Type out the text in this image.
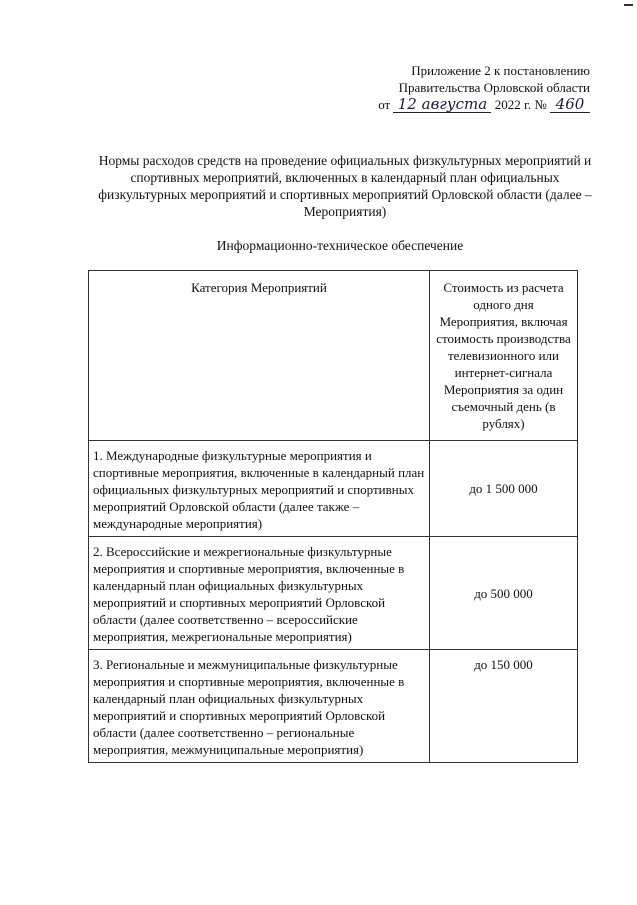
Приложение 2 к постановлению
Правительства Орловской области
от 12 августа 2022 г. № 460
Нормы расходов средств на проведение официальных физкультурных мероприятий и спортивных мероприятий, включенных в календарный план официальных физкультурных мероприятий и спортивных мероприятий Орловской области (далее – Мероприятия)
Информационно-техническое обеспечение
Категория Мероприятий	Стоимость из расчета одного дня Мероприятия, включая стоимость производства телевизионного или интернет-сигнала Мероприятия за один съемочный день (в рублях)
1. Международные физкультурные мероприятия и спортивные мероприятия, включенные в календарный план официальных физкультурных мероприятий и спортивных мероприятий Орловской области (далее также – международные мероприятия)	до 1 500 000
2. Всероссийские и межрегиональные физкультурные мероприятия и спортивные мероприятия, включенные в календарный план официальных физкультурных мероприятий и спортивных мероприятий Орловской области (далее соответственно – всероссийские мероприятия, межрегиональные мероприятия)	до 500 000
3. Региональные и межмуниципальные физкультурные мероприятия и спортивные мероприятия, включенные в календарный план официальных физкультурных мероприятий и спортивных мероприятий Орловской области (далее соответственно – региональные мероприятия, межмуниципальные мероприятия)	до 150 000
